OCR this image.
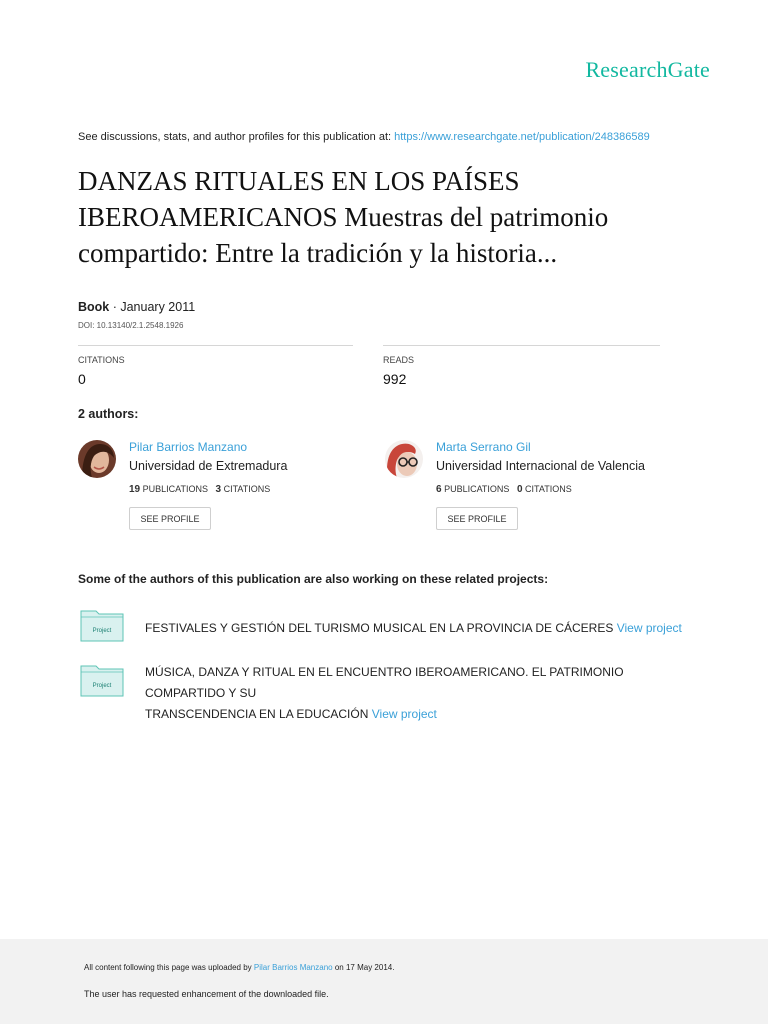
ResearchGate
See discussions, stats, and author profiles for this publication at: https://www.researchgate.net/publication/248386589
DANZAS RITUALES EN LOS PAÍSES
IBEROAMERICANOS Muestras del patrimonio
compartido: Entre la tradición y la historia...
Book · January 2011
DOI: 10.13140/2.1.2548.1926
CITATIONS
0
READS
992
2 authors:
Pilar Barrios Manzano
Universidad de Extremadura
19 PUBLICATIONS 3 CITATIONS
SEE PROFILE
Marta Serrano Gil
Universidad Internacional de Valencia
6 PUBLICATIONS 0 CITATIONS
SEE PROFILE
Some of the authors of this publication are also working on these related projects:
Project	FESTIVALES Y GESTIÓN DEL TURISMO MUSICAL EN LA PROVINCIA DE CÁCERES View project
Project
MÚSICA, DANZA Y RITUAL EN EL ENCUENTRO IBEROAMERICANO. EL PATRIMONIO COMPARTIDO Y SU
TRANSCENDENCIA EN LA EDUCACIÓN View project
All content following this page was uploaded by Pilar Barrios Manzano on 17 May 2014.
The user has requested enhancement of the downloaded file.
